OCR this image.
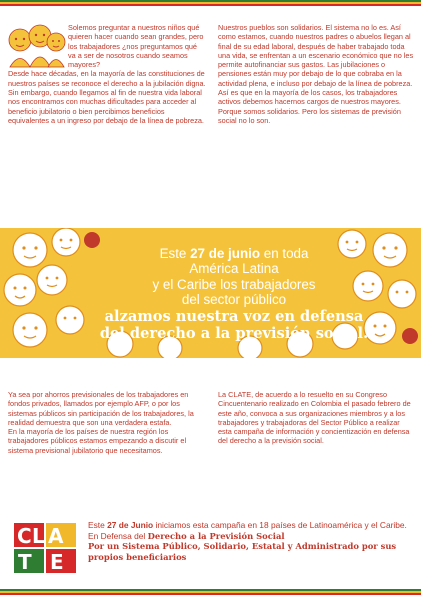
Solemos preguntar a nuestros niños qué quieren hacer cuando sean grandes, pero los trabajadores ¿nos preguntamos qué va a ser de nosotros cuando seamos mayores?

Desde hace décadas, en la mayoría de las constituciones de nuestros países se reconoce el derecho a la jubilación digna. Sin embargo, cuando llegamos al fin de nuestra vida laboral nos encontramos con muchas dificultades para acceder al beneficio jubilatorio o bien percibimos beneficios equivalentes a un ingreso por debajo de la línea de pobreza.

Nuestros pueblos son solidarios. El sistema no lo es. Así como estamos, cuando nuestros padres o abuelos llegan al final de su edad laboral, después de haber trabajado toda una vida, se enfrentan a un escenario económico que no les permite autofinanciar sus gastos. Las jubilaciones o pensiones están muy por debajo de lo que cobraba en la actividad plena, e incluso por debajo de la línea de pobreza.

Así es que en la mayoría de los casos, los trabajadores activos debemos hacernos cargos de nuestros mayores. Porque somos solidarios. Pero los sistemas de previsión social no lo son.

Este 27 de junio en toda
América Latina
y el Caribe los trabajadores
del sector público
alzamos nuestra voz en defensa
del derecho a la previsión social.

Ya sea por ahorros previsionales de los trabajadores en fondos privados, llamados por ejemplo AFP, o por los sistemas públicos sin participación de los trabajadores, la realidad demuestra que son una verdadera estafa.

En la mayoría de los países de nuestra región los trabajadores públicos estamos empezando a discutir el sistema previsional jubilatorio que necesitamos.

La CLATE, de acuerdo a lo resuelto en su Congreso Cincuentenario realizado en Colombia el pasado febrero de este año, convoca a sus organizaciones miembros y a los trabajadores y trabajadoras del Sector Público a realizar esta campaña de información y concientización en defensa del derecho a la previsión social.

C L A
T E
Este 27 de Junio iniciamos esta campaña en 18 países de Latinoamérica y el Caribe. En Defensa del Derecho a la Previsión Social
Por un Sistema Público, Solidario, Estatal y Administrado por sus propios beneficiarios
